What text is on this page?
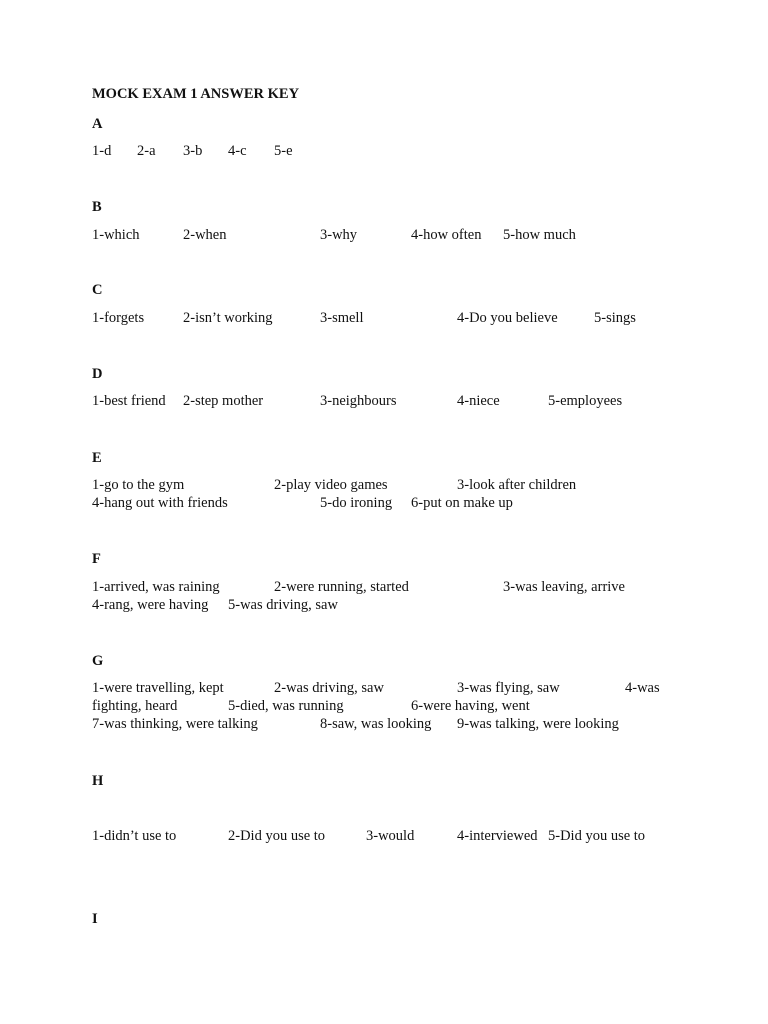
MOCK EXAM 1 ANSWER KEY
A
1-d 2-a 3-b 4-c 5-e
B
1-which	2-when	3-why	4-how often 5-how much
C
1-forgets	2-isn’t working	3-smell	4-Do you believe	5-sings
D
1-best friend 2-step mother	3-neighbours	4-niece	5-employees
E
1-go to the gym	2-play video games	3-look after children
4-hang out with friends	5-do ironing 6-put on make up
F
1-arrived, was raining	2-were running, started	3-was leaving, arrive
4-rang, were having 5-was driving, saw
G
1-were travelling, kept	2-was driving, saw	3-was flying, saw	4-was
fighting, heard	5-died, was running	6-were having, went
7-was thinking, were talking	8-saw, was looking 9-was talking, were looking
H
1-didn’t use to	2-Did you use to	3-would	4-interviewed 5-Did you use to
I
